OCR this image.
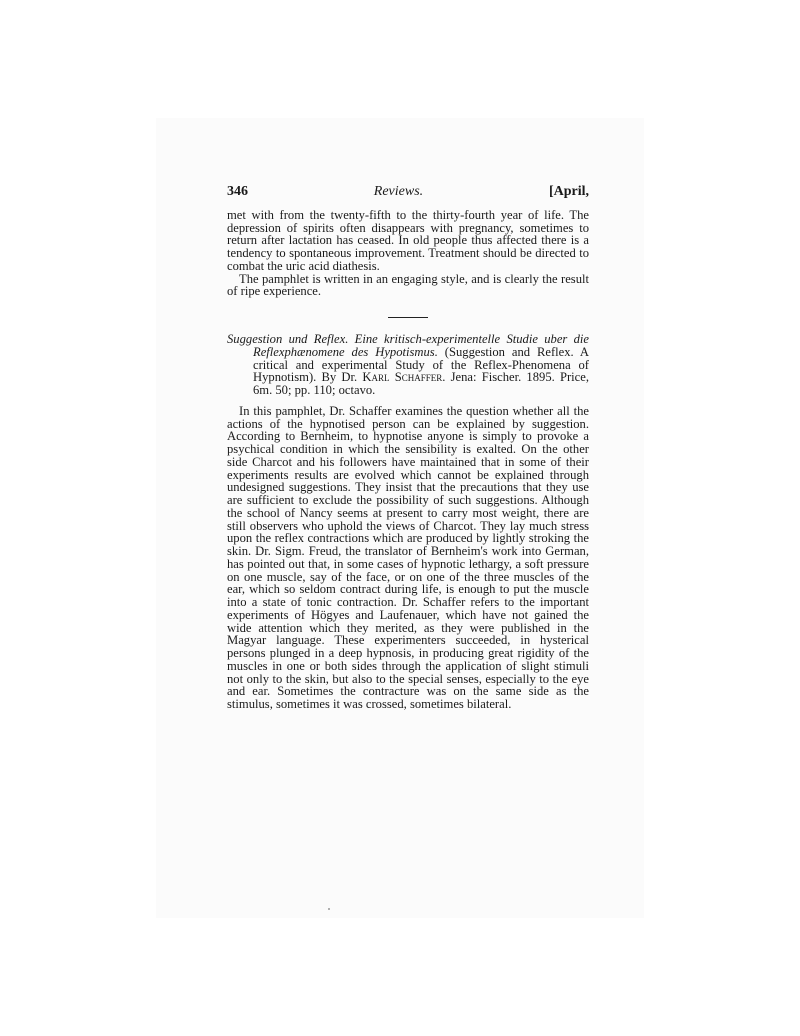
346	Reviews.	[April,

met with from the twenty-fifth to the thirty-fourth year of life. The depression of spirits often disappears with pregnancy, sometimes to return after lactation has ceased. In old people thus affected there is a tendency to spontaneous improvement. Treatment should be directed to combat the uric acid diathesis.

The pamphlet is written in an engaging style, and is clearly the result of ripe experience.

Suggestion und Reflex. Eine kritisch-experimentelle Studie uber die Reflexphænomene des Hypotismus. (Suggestion and Reflex. A critical and experimental Study of the Reflex-Phenomena of Hypnotism). By Dr. Karl Schaffer. Jena: Fischer. 1895. Price, 6m. 50; pp. 110; octavo.

In this pamphlet, Dr. Schaffer examines the question whether all the actions of the hypnotised person can be explained by suggestion. According to Bernheim, to hypnotise anyone is simply to provoke a psychical condition in which the sensibility is exalted. On the other side Charcot and his followers have maintained that in some of their experiments results are evolved which cannot be explained through undesigned suggestions. They insist that the precautions that they use are sufficient to exclude the possibility of such suggestions. Although the school of Nancy seems at present to carry most weight, there are still observers who uphold the views of Charcot. They lay much stress upon the reflex contractions which are produced by lightly stroking the skin. Dr. Sigm. Freud, the translator of Bernheim's work into German, has pointed out that, in some cases of hypnotic lethargy, a soft pressure on one muscle, say of the face, or on one of the three muscles of the ear, which so seldom contract during life, is enough to put the muscle into a state of tonic contraction. Dr. Schaffer refers to the important experiments of Högyes and Laufenauer, which have not gained the wide attention which they merited, as they were published in the Magyar language. These experimenters succeeded, in hysterical persons plunged in a deep hypnosis, in producing great rigidity of the muscles in one or both sides through the application of slight stimuli not only to the skin, but also to the special senses, especially to the eye and ear. Sometimes the contracture was on the same side as the stimulus, sometimes it was crossed, sometimes bilateral.
